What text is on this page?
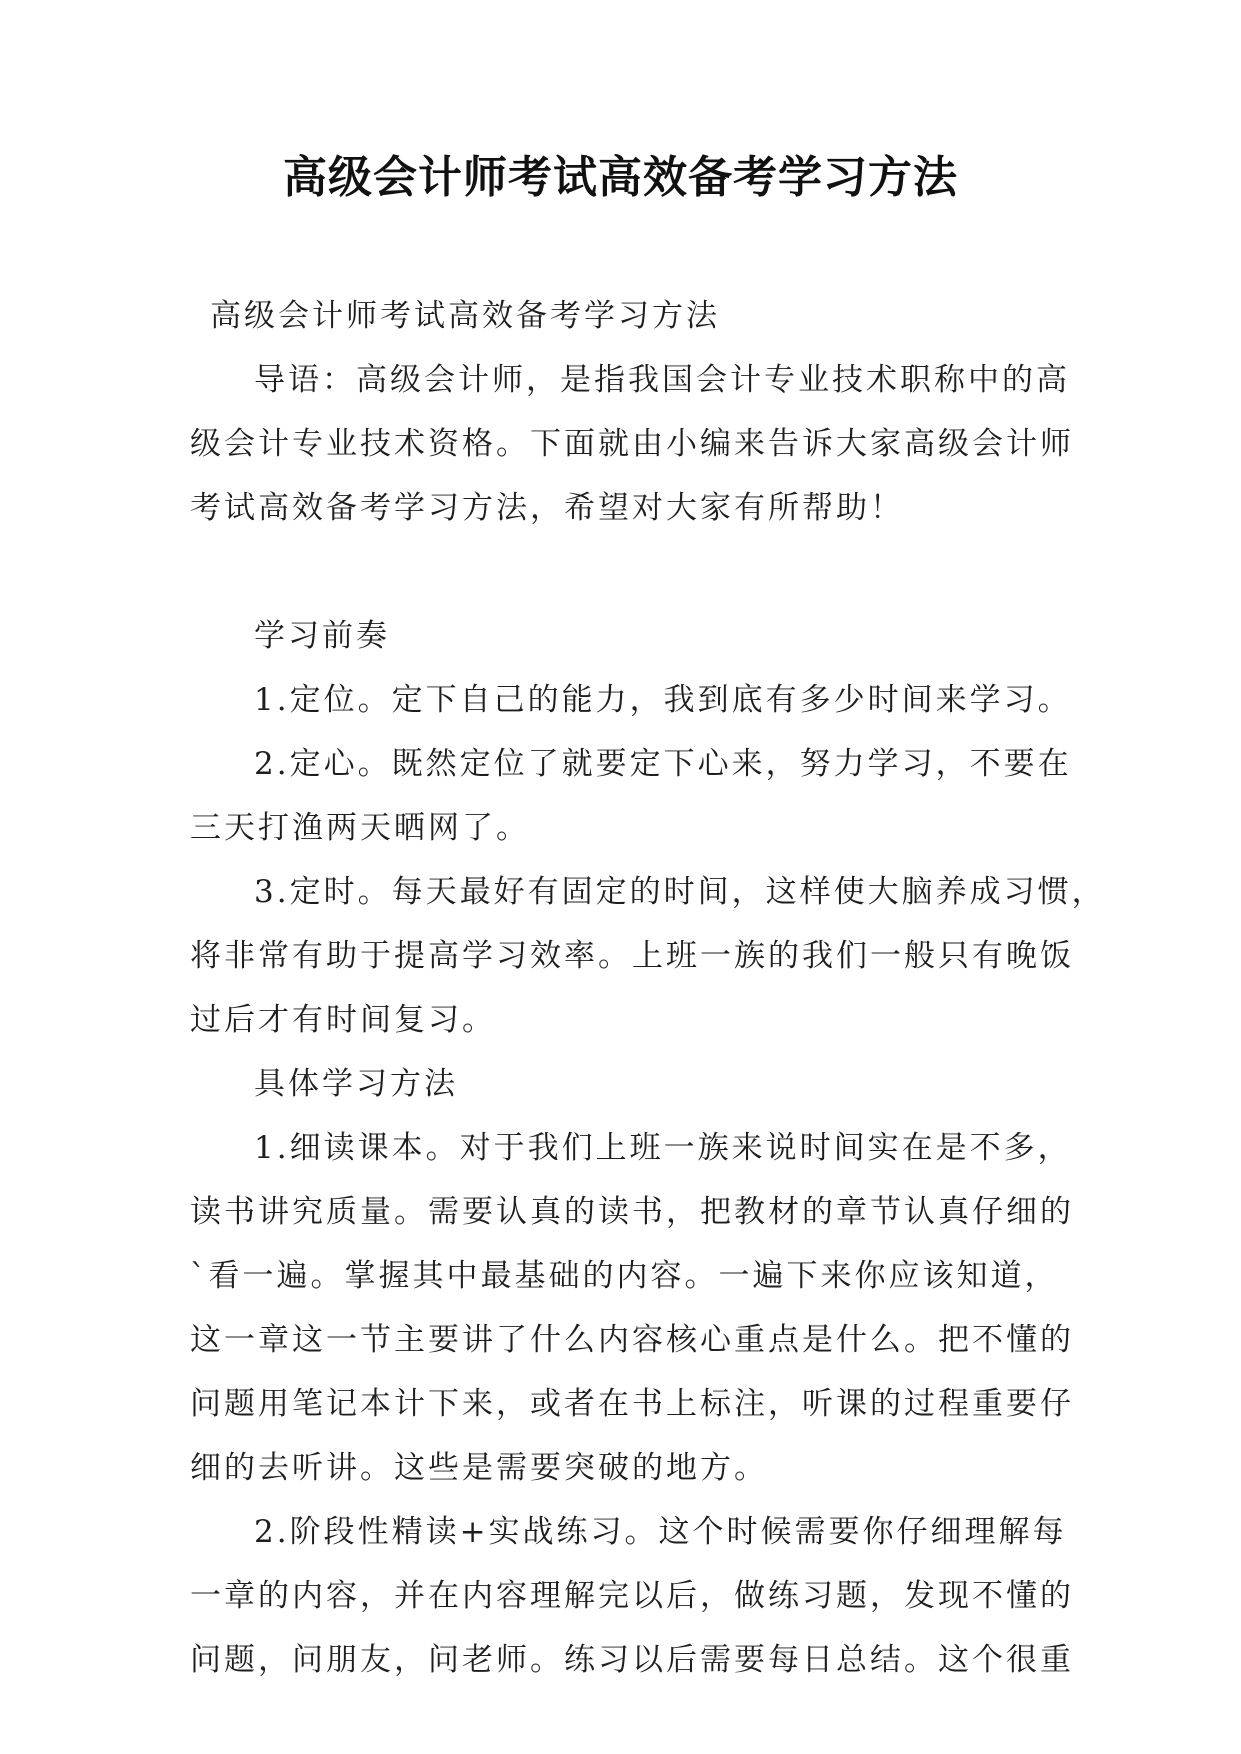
高级会计师考试高效备考学习方法

高级会计师考试高效备考学习方法

导语：高级会计师，是指我国会计专业技术职称中的高

级会计专业技术资格。下面就由小编来告诉大家高级会计师

考试高效备考学习方法，希望对大家有所帮助！

学习前奏

1.定位。定下自己的能力，我到底有多少时间来学习。

2.定心。既然定位了就要定下心来，努力学习，不要在

三天打渔两天晒网了。

3.定时。每天最好有固定的时间，这样使大脑养成习惯，

将非常有助于提高学习效率。上班一族的我们一般只有晚饭

过后才有时间复习。

具体学习方法

1.细读课本。对于我们上班一族来说时间实在是不多，

读书讲究质量。需要认真的读书，把教材的章节认真仔细的

`看一遍。掌握其中最基础的内容。一遍下来你应该知道，

这一章这一节主要讲了什么内容核心重点是什么。把不懂的

问题用笔记本计下来，或者在书上标注，听课的过程重要仔

细的去听讲。这些是需要突破的地方。

2.阶段性精读+实战练习。这个时候需要你仔细理解每

一章的内容，并在内容理解完以后，做练习题，发现不懂的

问题，问朋友，问老师。练习以后需要每日总结。这个很重
